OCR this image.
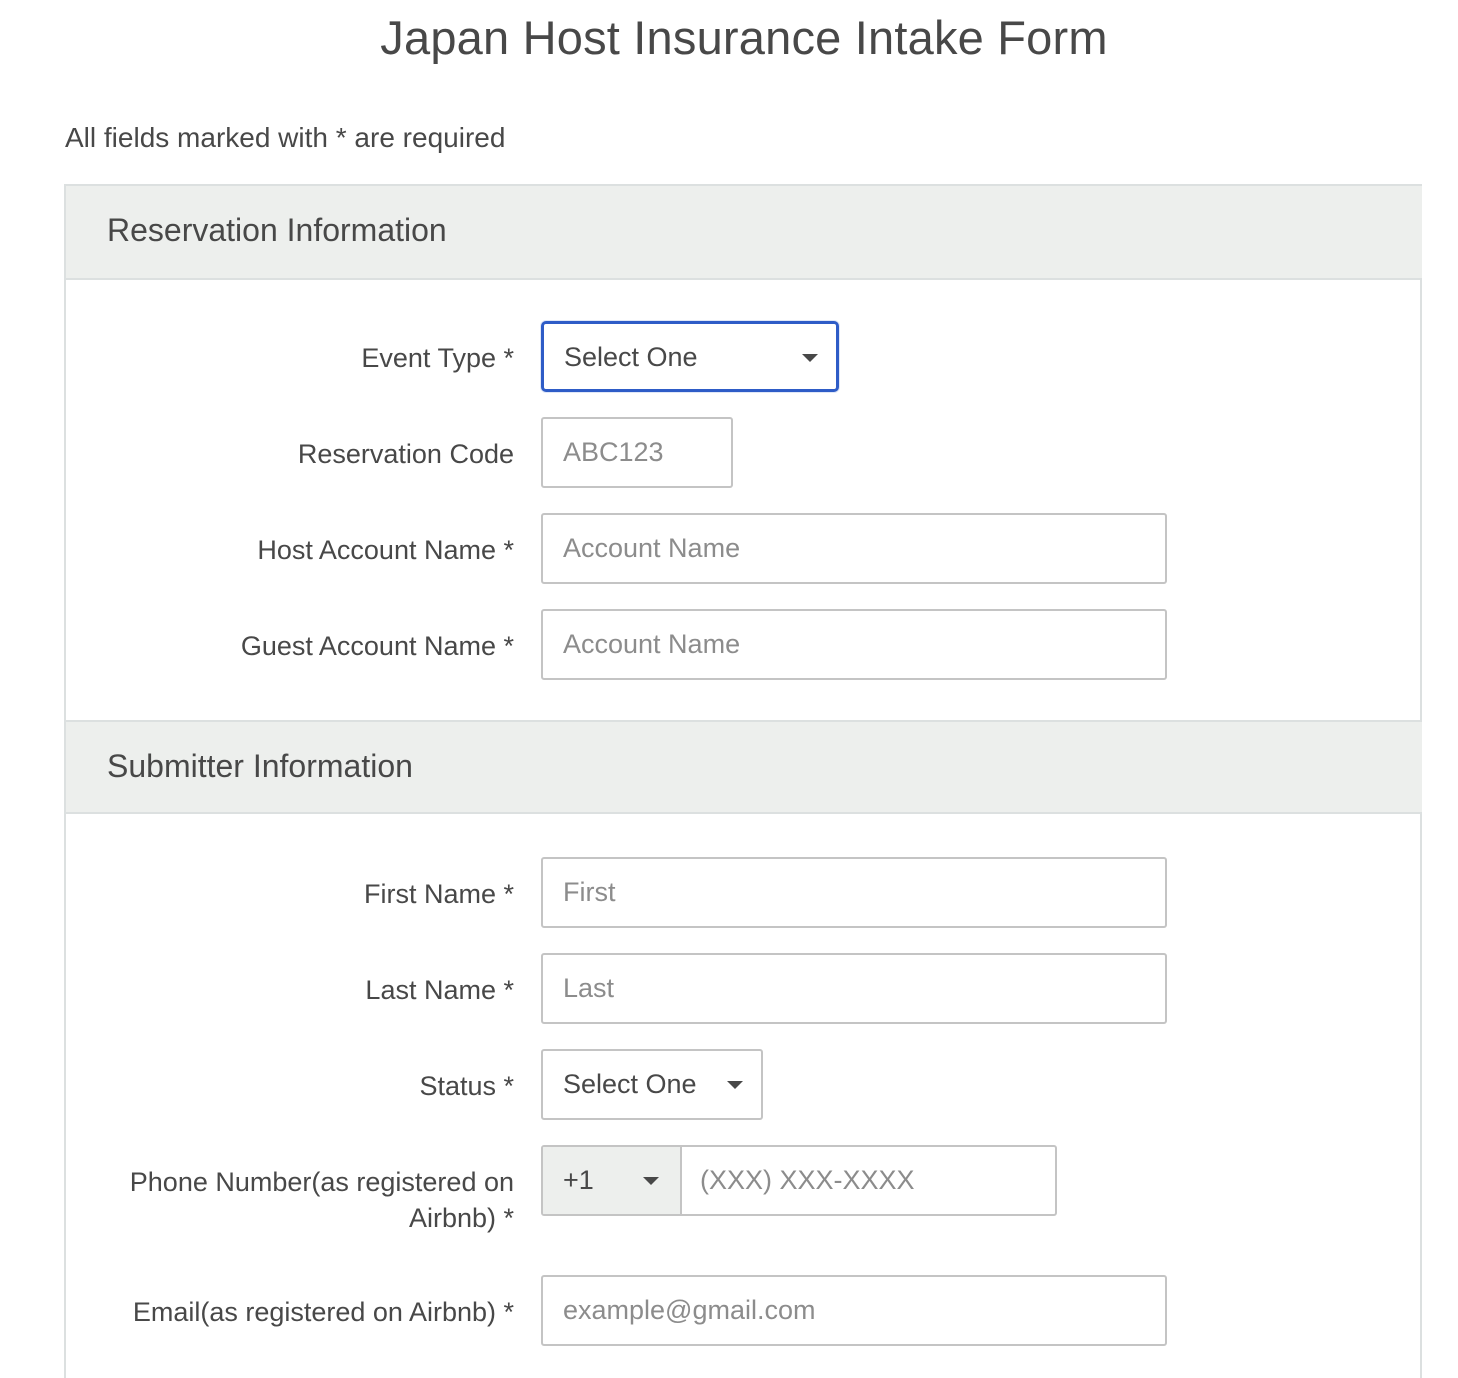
Japan Host Insurance Intake Form
All fields marked with * are required
Reservation Information
Event Type * Select One
Reservation Code
ABC123
Host Account Name *
Account Name
Guest Account Name *
Account Name
Submitter Information
First Name *
First
Last Name *
Last
Status * Select One
Phone Number(as registered on
Airbnb) *
+1
(XXX) XXX-XXXX
Email(as registered on Airbnb) *
example@gmail.com
